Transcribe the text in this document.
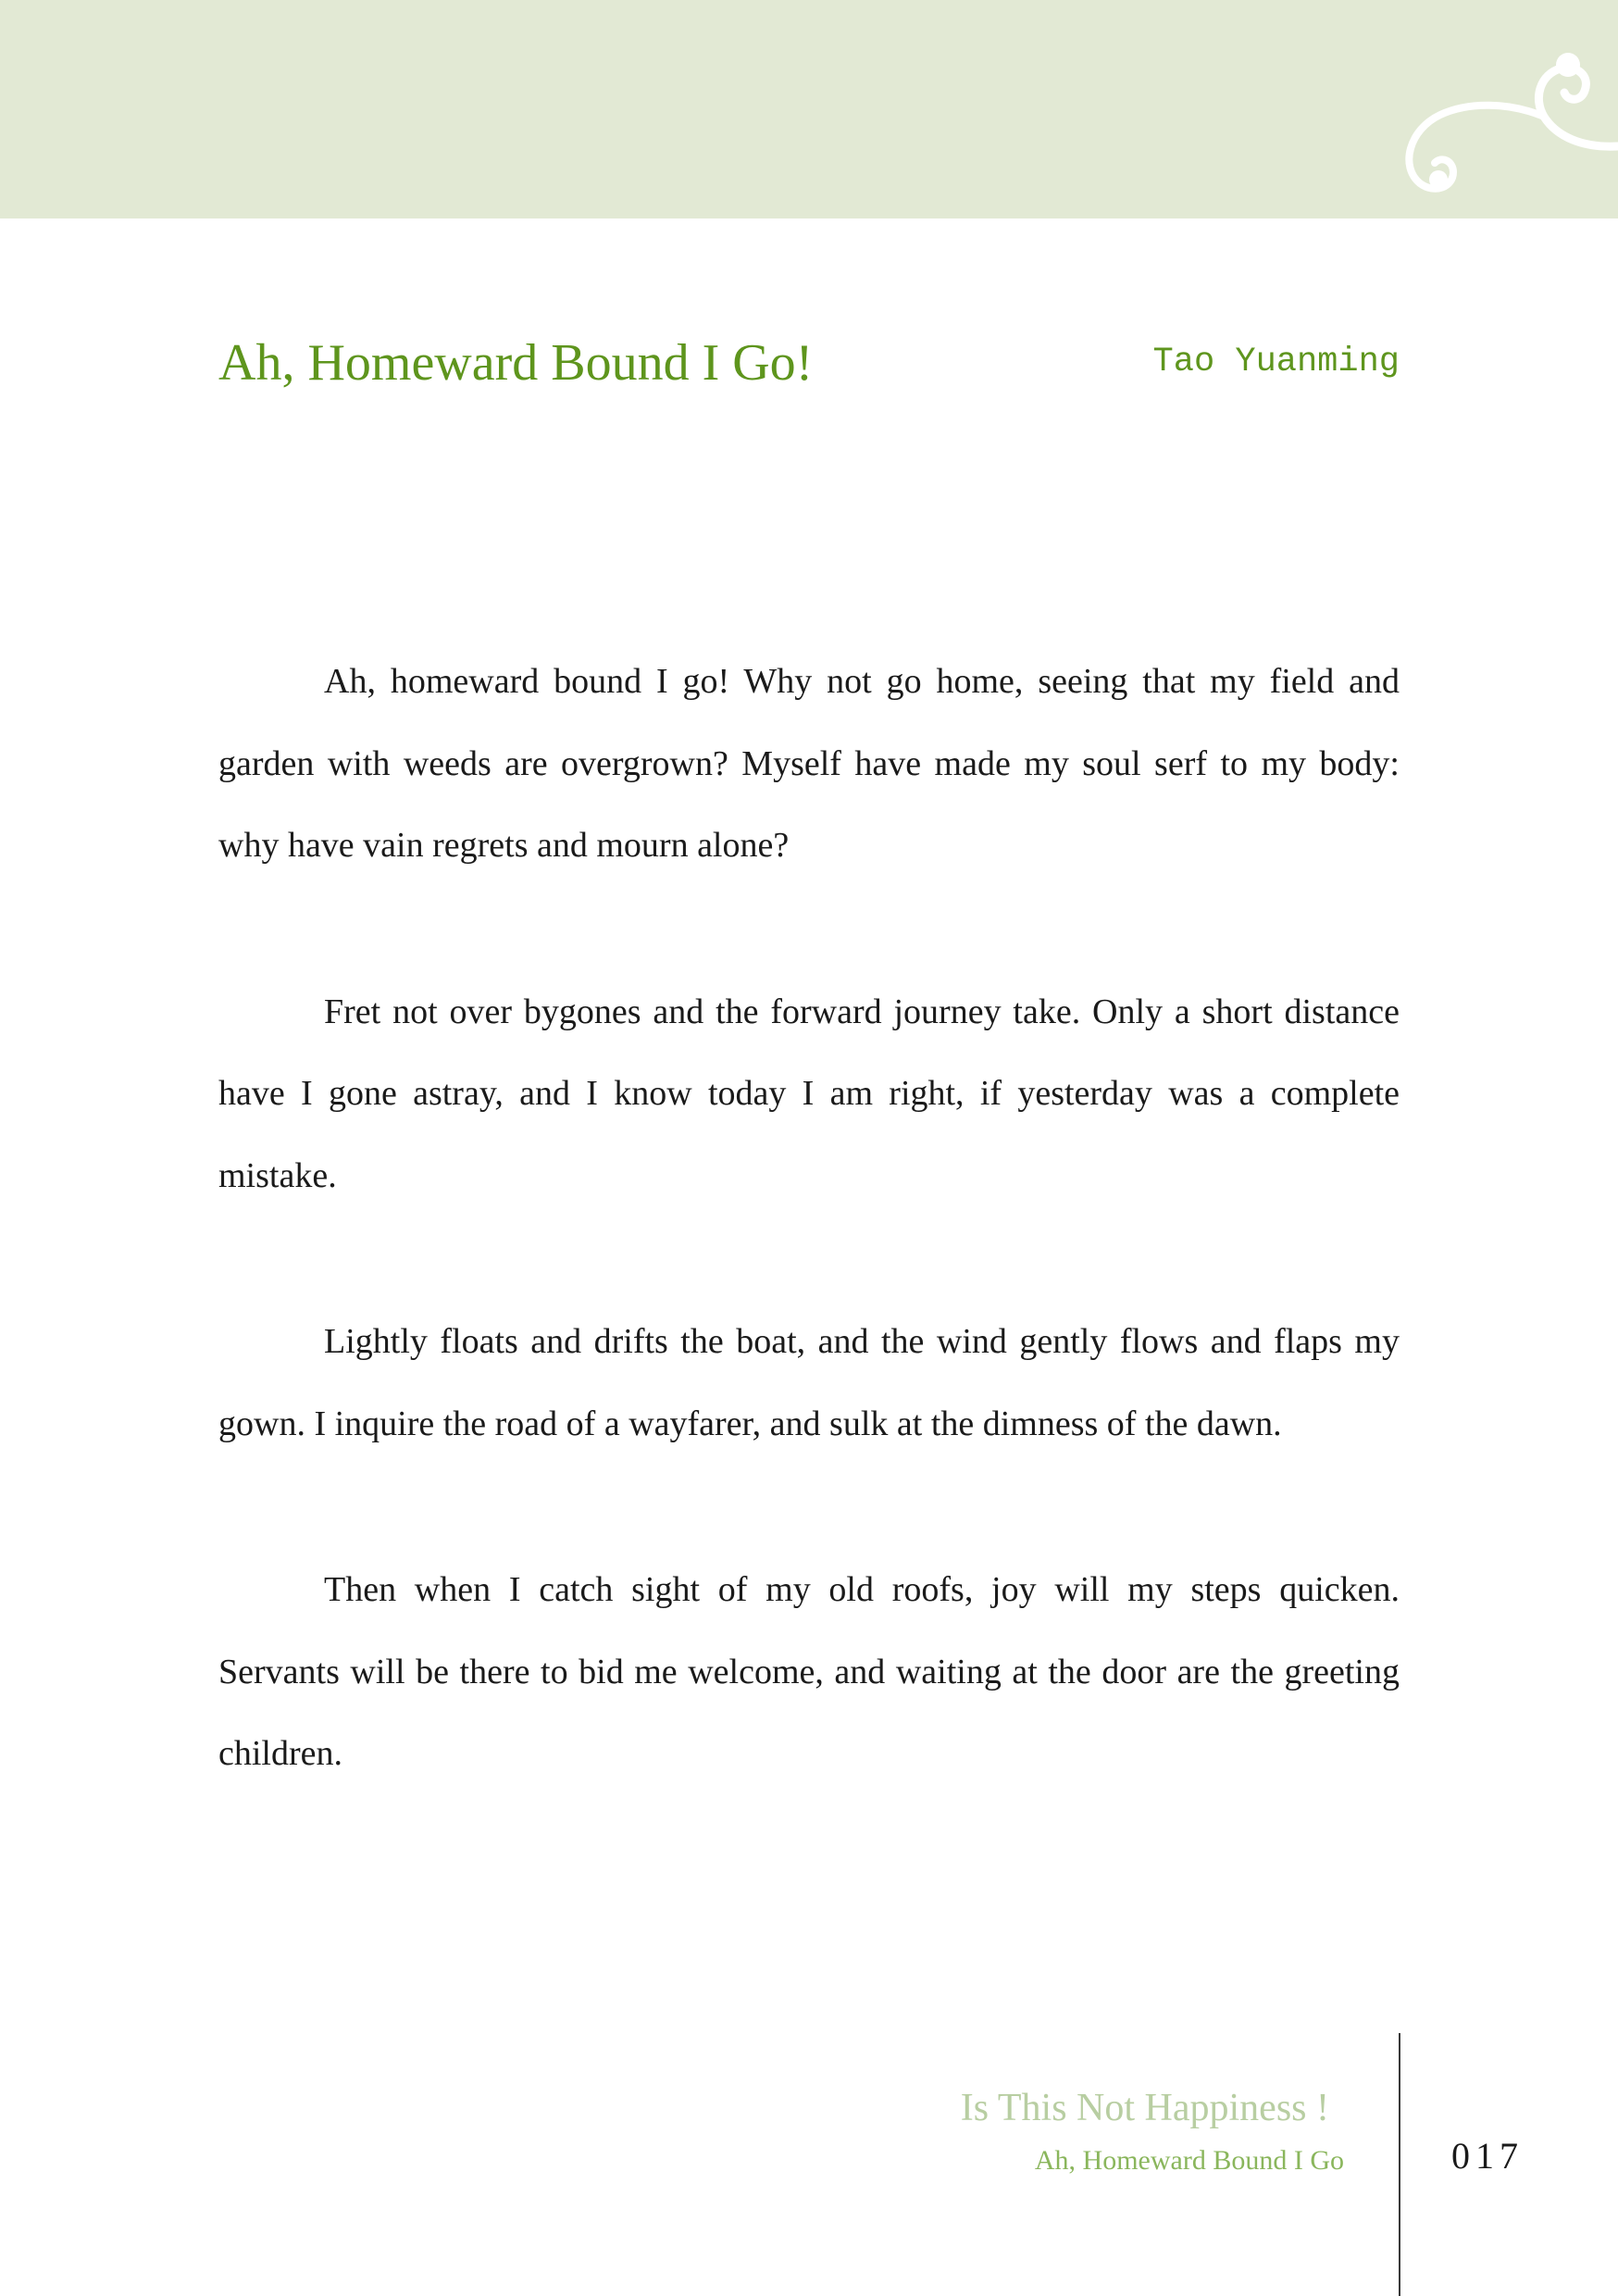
Ah, Homeward Bound I Go!	Tao Yuanming

Ah, homeward bound I go! Why not go home, seeing that my field and garden with weeds are overgrown? Myself have made my soul serf to my body: why have vain regrets and mourn alone?

Fret not over bygones and the forward journey take. Only a short distance have I gone astray, and I know today I am right, if yesterday was a complete mistake.

Lightly floats and drifts the boat, and the wind gently flows and flaps my gown. I inquire the road of a wayfarer, and sulk at the dimness of the dawn.

Then when I catch sight of my old roofs, joy will my steps quicken. Servants will be there to bid me welcome, and waiting at the door are the greeting children.

Is This Not Happiness !
Ah, Homeward Bound I Go	017
